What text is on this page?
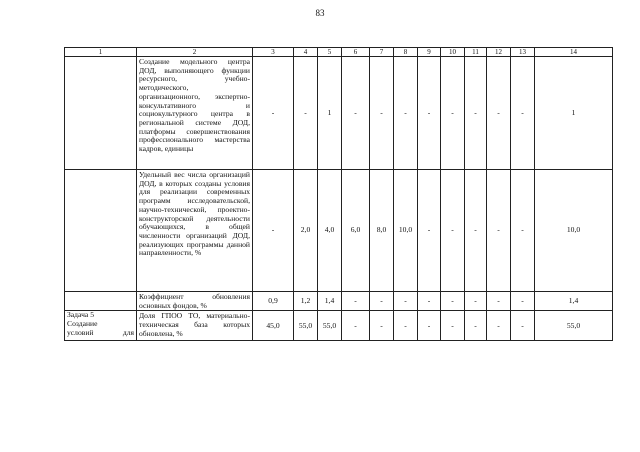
83
1	2	3	4	5	6	7	8	9	10	11	12	13	14
	Создание модельного центра ДОД, выполняющего функции ресурсного, учебно-методического, организационного, экспертно-консультативного и социокультурного центра в региональной системе ДОД, платформы совершенствования профессионального мастерства кадров, единицы	-	-	1	-	-	-	-	-	-	-	-	1
	Удельный вес числа организаций ДОД, в которых созданы условия для реализации современных программ исследовательской, научно-технической, проектно-конструкторской деятельности обучающихся, в общей численности организаций ДОД, реализующих программы данной направленности, %	-	2,0	4,0	6,0	8,0	10,0	-	-	-	-	-	10,0
	Коэффициент обновления основных фондов, %	0,9	1,2	1,4	-	-	-	-	-	-	-	-	1,4

Задача 5
Создание
условий для	Доля ГПОО ТО, материально-техническая база которых обновлена, %	45,0	55,0	55,0	-	-	-	-	-	-	-	-	55,0
